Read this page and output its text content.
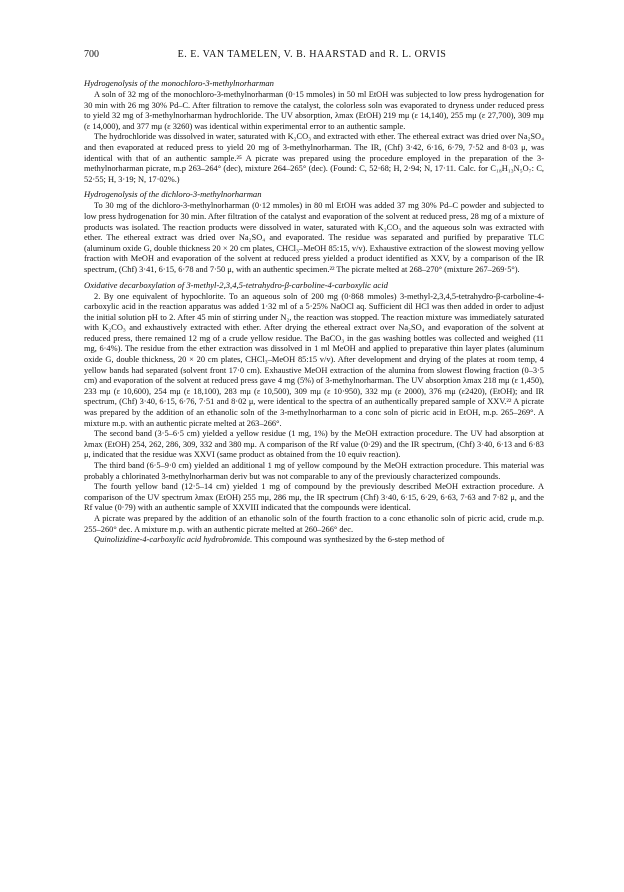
700	E. E. VAN TAMELEN, V. B. HAARSTAD and R. L. ORVIS
Hydrogenolysis of the monochloro-3-methylnorharman

A soln of 32 mg of the monochloro-3-methylnorharman (0·15 mmoles) in 50 ml EtOH was subjected to low press hydrogenation for 30 min with 26 mg 30% Pd–C. After filtration to remove the catalyst, the colorless soln was evaporated to dryness under reduced press to yield 32 mg of 3-methylnorharman hydrochloride. The UV absorption, λmax (EtOH) 219 mμ (ε 14,140), 255 mμ (ε 27,700), 309 mμ (ε 14,000), and 377 mμ (ε 3260) was identical within experimental error to an authentic sample.

The hydrochloride was dissolved in water, saturated with K₂CO₃ and extracted with ether. The ethereal extract was dried over Na₂SO₄ and then evaporated at reduced press to yield 20 mg of 3-methylnorharman. The IR, (Chf) 3·42, 6·16, 6·79, 7·52 and 8·03 μ, was identical with that of an authentic sample.²⁵ A picrate was prepared using the procedure employed in the preparation of the 3-methylnorharman picrate, m.p 263–264° (dec), mixture 264–265° (dec). (Found: C, 52·68; H, 2·94; N, 17·11. Calc. for C₁₈H₁₃N₅O₇: C, 52·55; H, 3·19; N, 17·02%.)

Hydrogenolysis of the dichloro-3-methylnorharman

To 30 mg of the dichloro-3-methylnorharman (0·12 mmoles) in 80 ml EtOH was added 37 mg 30% Pd–C powder and subjected to low press hydrogenation for 30 min. After filtration of the catalyst and evaporation of the solvent at reduced press, 28 mg of a mixture of products was isolated. The reaction products were dissolved in water, saturated with K₂CO₃ and the aqueous soln was extracted with ether. The ethereal extract was dried over Na₂SO₄ and evaporated. The residue was separated and purified by preparative TLC (aluminum oxide G, double thickness 20 × 20 cm plates, CHCl₃–MeOH 85:15, v/v). Exhaustive extraction of the slowest moving yellow fraction with MeOH and evaporation of the solvent at reduced press yielded a product identified as XXV, by a comparison of the IR spectrum, (Chf) 3·41, 6·15, 6·78 and 7·50 μ, with an authentic specimen.²² The picrate melted at 268–270° (mixture 267–269·5°).

Oxidative decarboxylation of 3-methyl-2,3,4,5-tetrahydro-β-carboline-4-carboxylic acid

2. By one equivalent of hypochlorite. To an aqueous soln of 200 mg (0·868 mmoles) 3-methyl-2,3,4,5-tetrahydro-β-carboline-4-carboxylic acid in the reaction apparatus was added 1·32 ml of a 5·25% NaOCl aq. Sufficient dil HCl was then added in order to adjust the initial solution pH to 2. After 45 min of stirring under N₂, the reaction was stopped. The reaction mixture was immediately saturated with K₂CO₃ and exhaustively extracted with ether. After drying the ethereal extract over Na₂SO₄ and evaporation of the solvent at reduced press, there remained 12 mg of a crude yellow residue. The BaCO₃ in the gas washing bottles was collected and weighed (11 mg, 6·4%). The residue from the ether extraction was dissolved in 1 ml MeOH and applied to preparative thin layer plates (aluminum oxide G, double thickness, 20 × 20 cm plates, CHCl₃–MeOH 85:15 v/v). After development and drying of the plates at room temp, 4 yellow bands had separated (solvent front 17·0 cm). Exhaustive MeOH extraction of the alumina from slowest flowing fraction (0–3·5 cm) and evaporation of the solvent at reduced press gave 4 mg (5%) of 3-methylnorharman. The UV absorption λmax 218 mμ (ε 1,450), 233 mμ (ε 10,600), 254 mμ (ε 18,100), 283 mμ (ε 10,500), 309 mμ (ε 10·950), 332 mμ (ε 2000), 376 mμ (ε2420), (EtOH); and IR spectrum, (Chf) 3·40, 6·15, 6·76, 7·51 and 8·02 μ, were identical to the spectra of an authentically prepared sample of XXV.²² A picrate was prepared by the addition of an ethanolic soln of the 3-methylnorharman to a conc soln of picric acid in EtOH, m.p. 265–269°. A mixture m.p. with an authentic picrate melted at 263–266°.

The second band (3·5–6·5 cm) yielded a yellow residue (1 mg, 1%) by the MeOH extraction procedure. The UV had absorption at λmax (EtOH) 254, 262, 286, 309, 332 and 380 mμ. A comparison of the Rf value (0·29) and the IR spectrum, (Chf) 3·40, 6·13 and 6·83 μ, indicated that the residue was XXVI (same product as obtained from the 10 equiv reaction).

The third band (6·5–9·0 cm) yielded an additional 1 mg of yellow compound by the MeOH extraction procedure. This material was probably a chlorinated 3-methylnorharman deriv but was not comparable to any of the previously characterized compounds.

The fourth yellow band (12·5–14 cm) yielded 1 mg of compound by the previously described MeOH extraction procedure. A comparison of the UV spectrum λmax (EtOH) 255 mμ, 286 mμ, the IR spectrum (Chf) 3·40, 6·15, 6·29, 6·63, 7·63 and 7·82 μ, and the Rf value (0·79) with an authentic sample of XXVIII indicated that the compounds were identical.

A picrate was prepared by the addition of an ethanolic soln of the fourth fraction to a conc ethanolic soln of picric acid, crude m.p. 255–260° dec. A mixture m.p. with an authentic picrate melted at 260–266° dec.

Quinolizidine-4-carboxylic acid hydrobromide. This compound was synthesized by the 6-step method of
